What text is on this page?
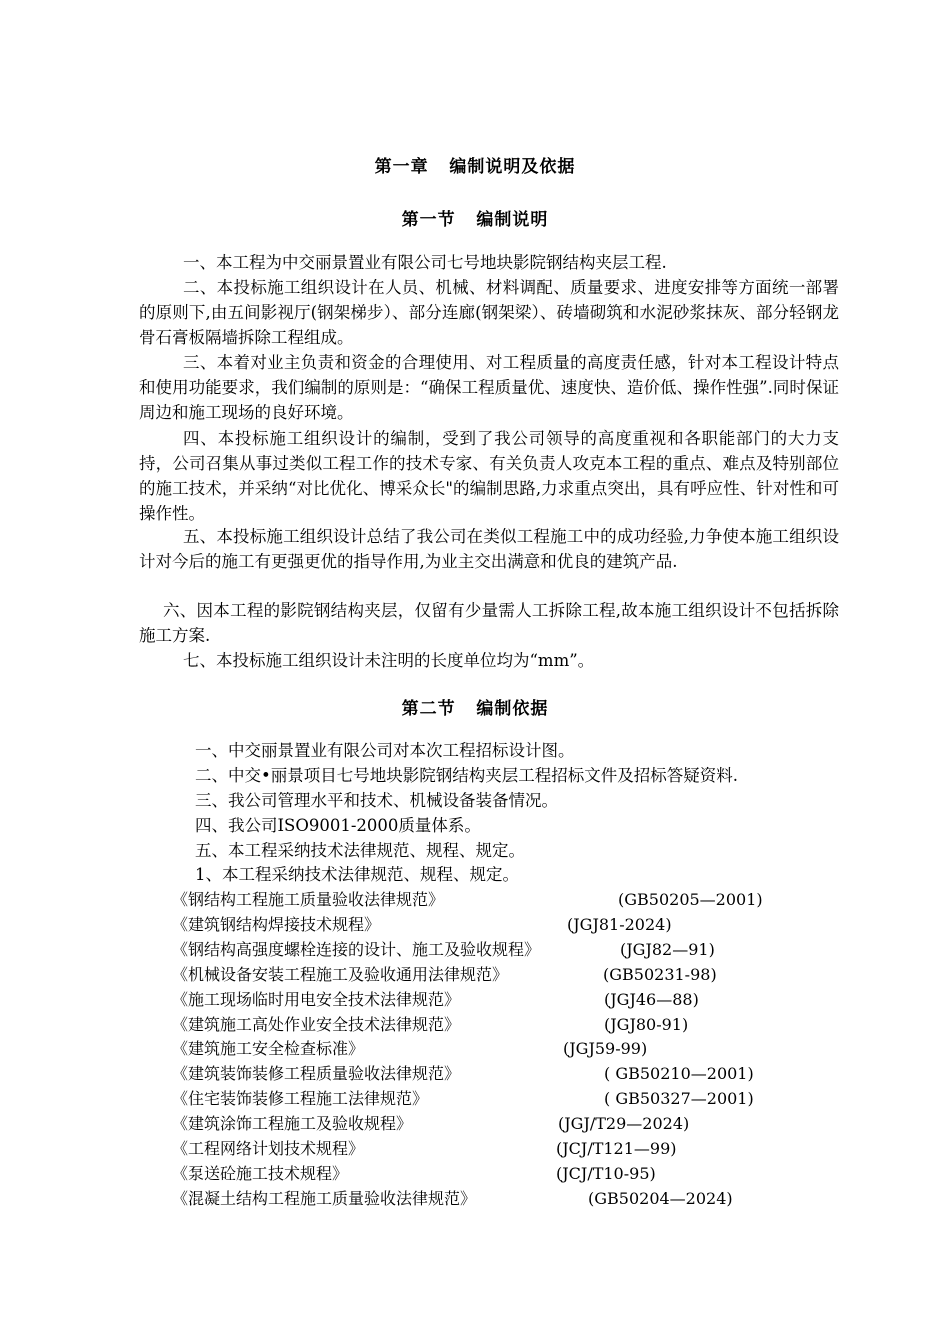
第一章   编制说明及依据
第一节   编制说明
一、本工程为中交丽景置业有限公司七号地块影院钢结构夹层工程.
二、本投标施工组织设计在人员、机械、材料调配、质量要求、进度安排等方面统一部署的原则下,由五间影视厅(钢架梯步）、部分连廊(钢架梁）、砖墙砌筑和水泥砂浆抹灰、部分轻钢龙骨石膏板隔墙拆除工程组成。
三、本着对业主负责和资金的合理使用、对工程质量的高度责任感，针对本工程设计特点和使用功能要求，我们编制的原则是：“确保工程质量优、速度快、造价低、操作性强”.同时保证周边和施工现场的良好环境。
四、本投标施工组织设计的编制，受到了我公司领导的高度重视和各职能部门的大力支持，公司召集从事过类似工程工作的技术专家、有关负责人攻克本工程的重点、难点及特别部位的施工技术，并采纳“对比优化、博采众长"的编制思路,力求重点突出，具有呼应性、针对性和可操作性。
五、本投标施工组织设计总结了我公司在类似工程施工中的成功经验,力争使本施工组织设计对今后的施工有更强更优的指导作用,为业主交出满意和优良的建筑产品.
六、因本工程的影院钢结构夹层，仅留有少量需人工拆除工程,故本施工组织设计不包括拆除施工方案.
七、本投标施工组织设计未注明的长度单位均为“mm”。
第二节   编制依据
一、中交丽景置业有限公司对本次工程招标设计图。
二、中交•丽景项目七号地块影院钢结构夹层工程招标文件及招标答疑资料.
三、我公司管理水平和技术、机械设备装备情况。
四、我公司ISO9001-2000质量体系。
五、本工程采纳技术法律规范、规程、规定。
1、本工程采纳技术法律规范、规程、规定。
《钢结构工程施工质量验收法律规范》	(GB50205—2001)
《建筑钢结构焊接技术规程》	(JGJ81-2024)
《钢结构高强度螺栓连接的设计、施工及验收规程》	(JGJ82—91)
《机械设备安装工程施工及验收通用法律规范》	(GB50231-98)
《施工现场临时用电安全技术法律规范》	(JGJ46—88)
《建筑施工高处作业安全技术法律规范》	(JGJ80-91)
《建筑施工安全检查标准》	(JGJ59-99)
《建筑装饰装修工程质量验收法律规范》	( GB50210—2001)
《住宅装饰装修工程施工法律规范》	( GB50327—2001)
《建筑涂饰工程施工及验收规程》	(JGJ/T29—2024)
《工程网络计划技术规程》	(JCJ/T121—99)
《泵送砼施工技术规程》	(JCJ/T10-95)
《混凝土结构工程施工质量验收法律规范》	(GB50204—2024)
